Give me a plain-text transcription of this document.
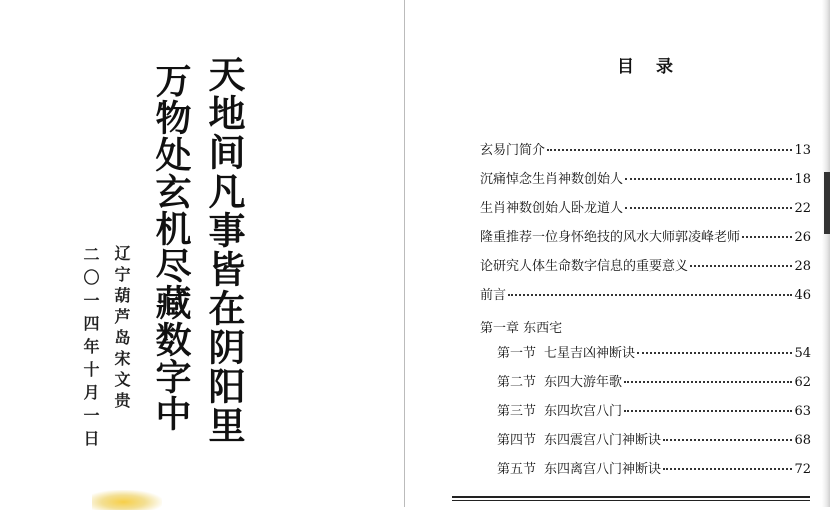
天地间凡事皆在阴阳里
万物处玄机尽藏数字中
辽宁葫芦岛宋文贵
二〇一四年十月一日
目录
玄易门简介	13
沉痛悼念生肖神数创始人	18
生肖神数创始人卧龙道人	22
隆重推荐一位身怀绝技的风水大师郭凌峰老师	26
论研究人体生命数字信息的重要意义	28
前言	46
第一章 东西宅
第一节 七星吉凶神断诀	54
第二节 东四大游年歌	62
第三节 东四坎宫八门	63
第四节 东四震宫八门神断诀	68
第五节 东四离宫八门神断诀	72
